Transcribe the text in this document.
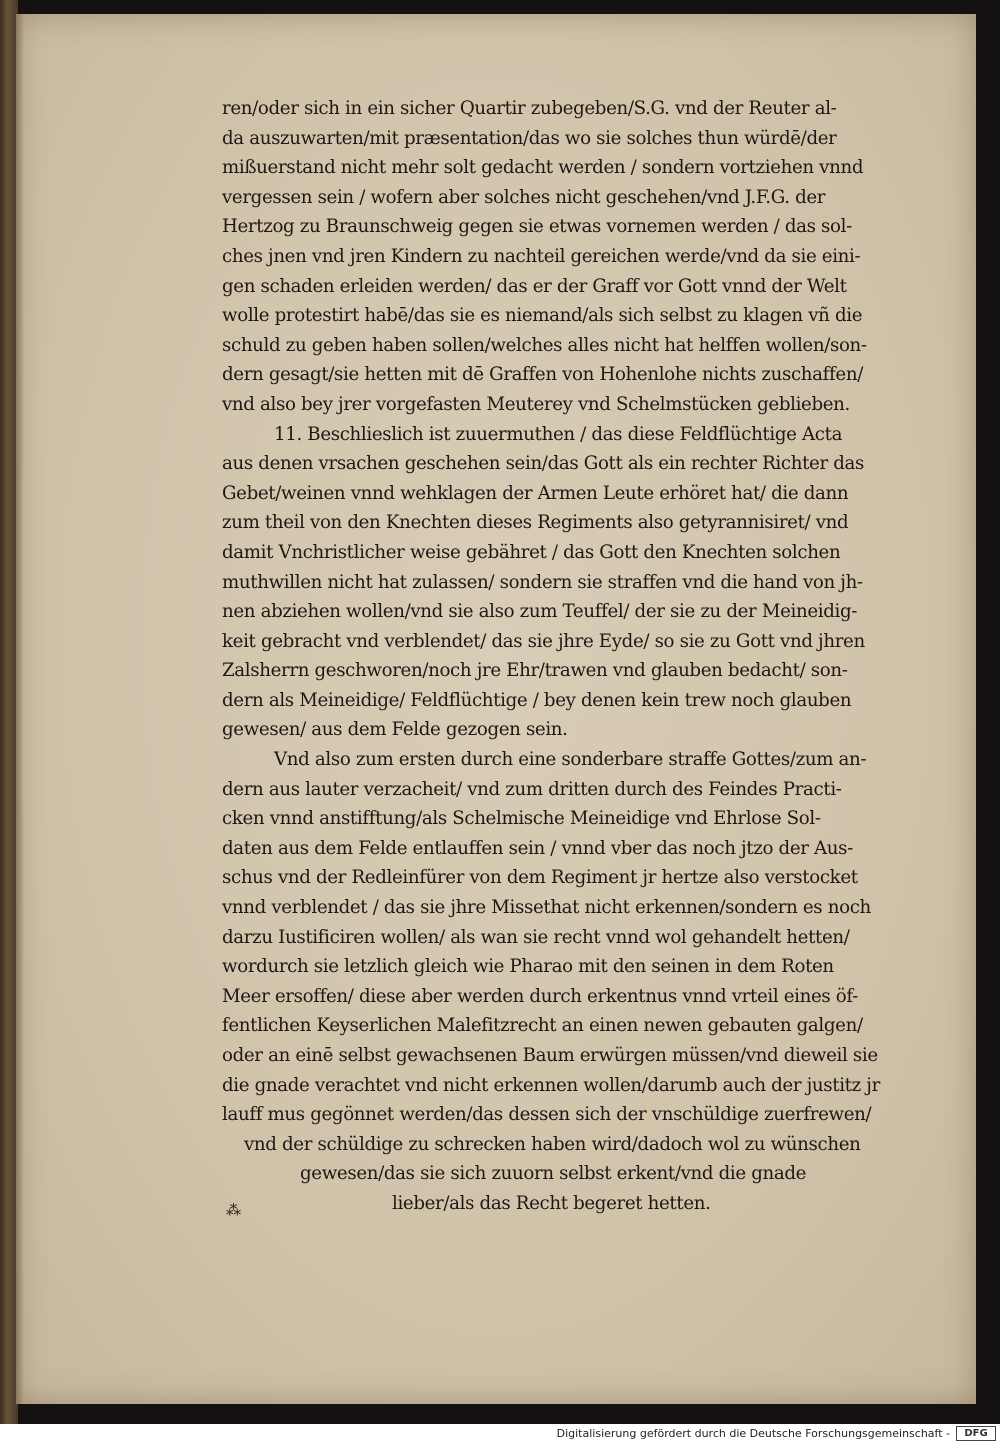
ren/oder sich in ein sicher Quartir zubegeben/S.G. vnd der Reuter al-
da auszuwarten/mit præsentation/das wo sie solches thun würdē/der
mißuerstand nicht mehr solt gedacht werden / sondern vortziehen vnnd
vergessen sein / wofern aber solches nicht geschehen/vnd J.F.G. der
Hertzog zu Braunschweig gegen sie etwas vornemen werden / das sol-
ches jnen vnd jren Kindern zu nachteil gereichen werde/vnd da sie eini-
gen schaden erleiden werden/ das er der Graff vor Gott vnnd der Welt
wolle protestirt habē/das sie es niemand/als sich selbst zu klagen vñ die
schuld zu geben haben sollen/welches alles nicht hat helffen wollen/son-
dern gesagt/sie hetten mit dē Graffen von Hohenlohe nichts zuschaffen/
vnd also bey jrer vorgefasten Meuterey vnd Schelmstücken geblieben.
11. Beschlieslich ist zuuermuthen / das diese Feldflüchtige Acta
aus denen vrsachen geschehen sein/das Gott als ein rechter Richter das
Gebet/weinen vnnd wehklagen der Armen Leute erhöret hat/ die dann
zum theil von den Knechten dieses Regiments also getyrannisiret/ vnd
damit Vnchristlicher weise gebähret / das Gott den Knechten solchen
muthwillen nicht hat zulassen/ sondern sie straffen vnd die hand von jh-
nen abziehen wollen/vnd sie also zum Teuffel/ der sie zu der Meineidig-
keit gebracht vnd verblendet/ das sie jhre Eyde/ so sie zu Gott vnd jhren
Zalsherrn geschworen/noch jre Ehr/trawen vnd glauben bedacht/ son-
dern als Meineidige/ Feldflüchtige / bey denen kein trew noch glauben
gewesen/ aus dem Felde gezogen sein.
Vnd also zum ersten durch eine sonderbare straffe Gottes/zum an-
dern aus lauter verzacheit/ vnd zum dritten durch des Feindes Practi-
cken vnnd anstifftung/als Schelmische Meineidige vnd Ehrlose Sol-
daten aus dem Felde entlauffen sein / vnnd vber das noch jtzo der Aus-
schus vnd der Redleinfürer von dem Regiment jr hertze also verstocket
vnnd verblendet / das sie jhre Missethat nicht erkennen/sondern es noch
darzu Iustificiren wollen/ als wan sie recht vnnd wol gehandelt hetten/
wordurch sie letzlich gleich wie Pharao mit den seinen in dem Roten
Meer ersoffen/ diese aber werden durch erkentnus vnnd vrteil eines öf-
fentlichen Keyserlichen Malefitzrecht an einen newen gebauten galgen/
oder an einē selbst gewachsenen Baum erwürgen müssen/vnd dieweil sie
die gnade verachtet vnd nicht erkennen wollen/darumb auch der justitz jr
lauff mus gegönnet werden/das dessen sich der vnschüldige zuerfrewen/
vnd der schüldige zu schrecken haben wird/dadoch wol zu wünschen
gewesen/das sie sich zuuorn selbst erkent/vnd die gnade
lieber/als das Recht begeret hetten.
⁂
Digitalisierung gefördert durch die Deutsche Forschungsgemeinschaft -	DFG
